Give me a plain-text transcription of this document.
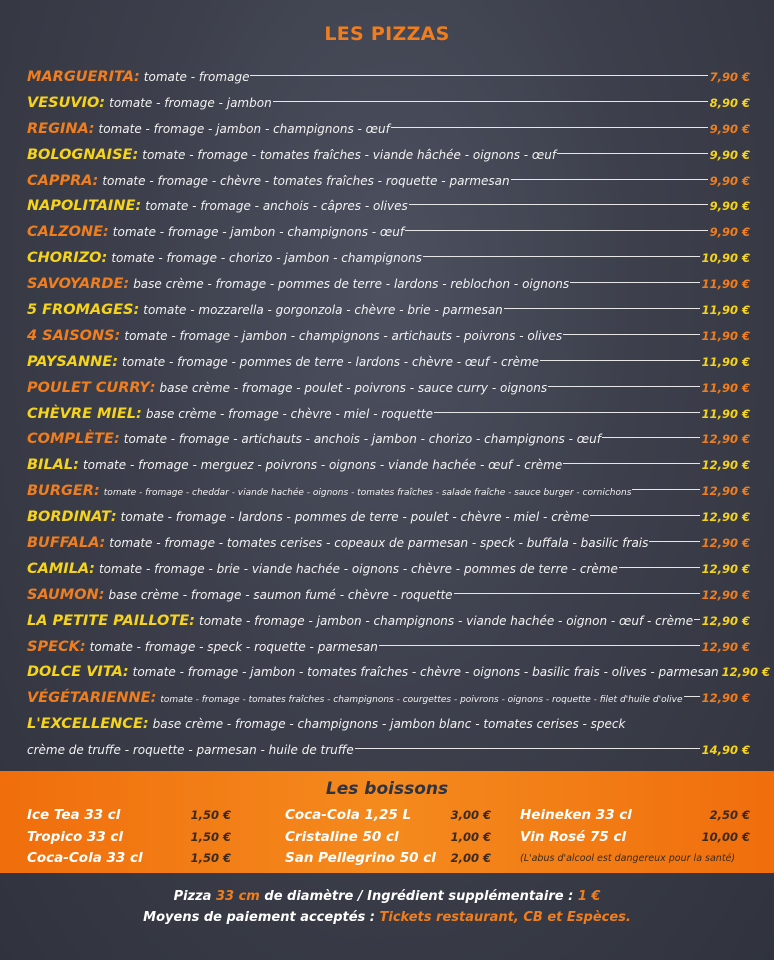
LES PIZZAS
MARGUERITA : tomate - fromage	7,90 €
VESUVIO : tomate - fromage - jambon	8,90 €
REGINA : tomate - fromage - jambon - champignons - œuf	9,90 €
BOLOGNAISE : tomate - fromage - tomates fraîches - viande hâchée - oignons - œuf	9,90 €
CAPPRA : tomate - fromage - chèvre - tomates fraîches - roquette - parmesan	9,90 €
NAPOLITAINE : tomate - fromage - anchois - câpres - olives	9,90 €
CALZONE : tomate - fromage - jambon - champignons - œuf	9,90 €
CHORIZO : tomate - fromage - chorizo - jambon - champignons	10,90 €
SAVOYARDE : base crème - fromage - pommes de terre - lardons - reblochon - oignons	11,90 €
5 FROMAGES : tomate - mozzarella - gorgonzola - chèvre - brie - parmesan	11,90 €
4 SAISONS : tomate - fromage - jambon - champignons - artichauts - poivrons - olives	11,90 €
PAYSANNE : tomate - fromage - pommes de terre - lardons - chèvre - œuf - crème	11,90 €
POULET CURRY : base crème - fromage - poulet - poivrons - sauce curry - oignons	11,90 €
CHÈVRE MIEL : base crème - fromage - chèvre - miel - roquette	11,90 €
COMPLÈTE : tomate - fromage - artichauts - anchois - jambon - chorizo - champignons - œuf	12,90 €
BILAL : tomate - fromage - merguez - poivrons - oignons - viande hachée - œuf - crème	12,90 €
BURGER : tomate - fromage - cheddar - viande hachée - oignons - tomates fraîches - salade fraîche - sauce burger - cornichons	12,90 €
BORDINAT : tomate - fromage - lardons - pommes de terre - poulet - chèvre - miel - crème	12,90 €
BUFFALA : tomate - fromage - tomates cerises - copeaux de parmesan - speck - buffala - basilic frais	12,90 €
CAMILA : tomate - fromage - brie - viande hachée - oignons - chèvre - pommes de terre - crème	12,90 €
SAUMON : base crème - fromage - saumon fumé - chèvre - roquette	12,90 €
LA PETITE PAILLOTE : tomate - fromage - jambon - champignons - viande hachée - oignon - œuf - crème 12,90 €
SPECK : tomate - fromage - speck - roquette - parmesan	12,90 €
DOLCE VITA : tomate - fromage - jambon - tomates fraîches - chèvre - oignons - basilic frais - olives - parmesan 12,90 €
VÉGÉTARIENNE : tomate - fromage - tomates fraîches - champignons - courgettes - poivrons - oignons - roquette - filet d'huile d'olive 12,90 €
L'EXCELLENCE : base crème - fromage - champignons - jambon blanc - tomates cerises - speck
crème de truffe - roquette - parmesan - huile de truffe	14,90 €
Les boissons
Ice Tea 33 cl	1,50 €
Tropico 33 cl	1,50 €
Coca-Cola 33 cl	1,50 €
Coca-Cola 1,25 L	3,00 €
Cristaline 50 cl	1,00 €
San Pellegrino 50 cl 2,00 €
Heineken 33 cl	2,50 €
Vin Rosé 75 cl	10,00 €
(L'abus d'alcool est dangereux pour la santé)
Pizza 33 cm de diamètre / Ingrédient supplémentaire : 1 €
Moyens de paiement acceptés : Tickets restaurant, CB et Espèces.
